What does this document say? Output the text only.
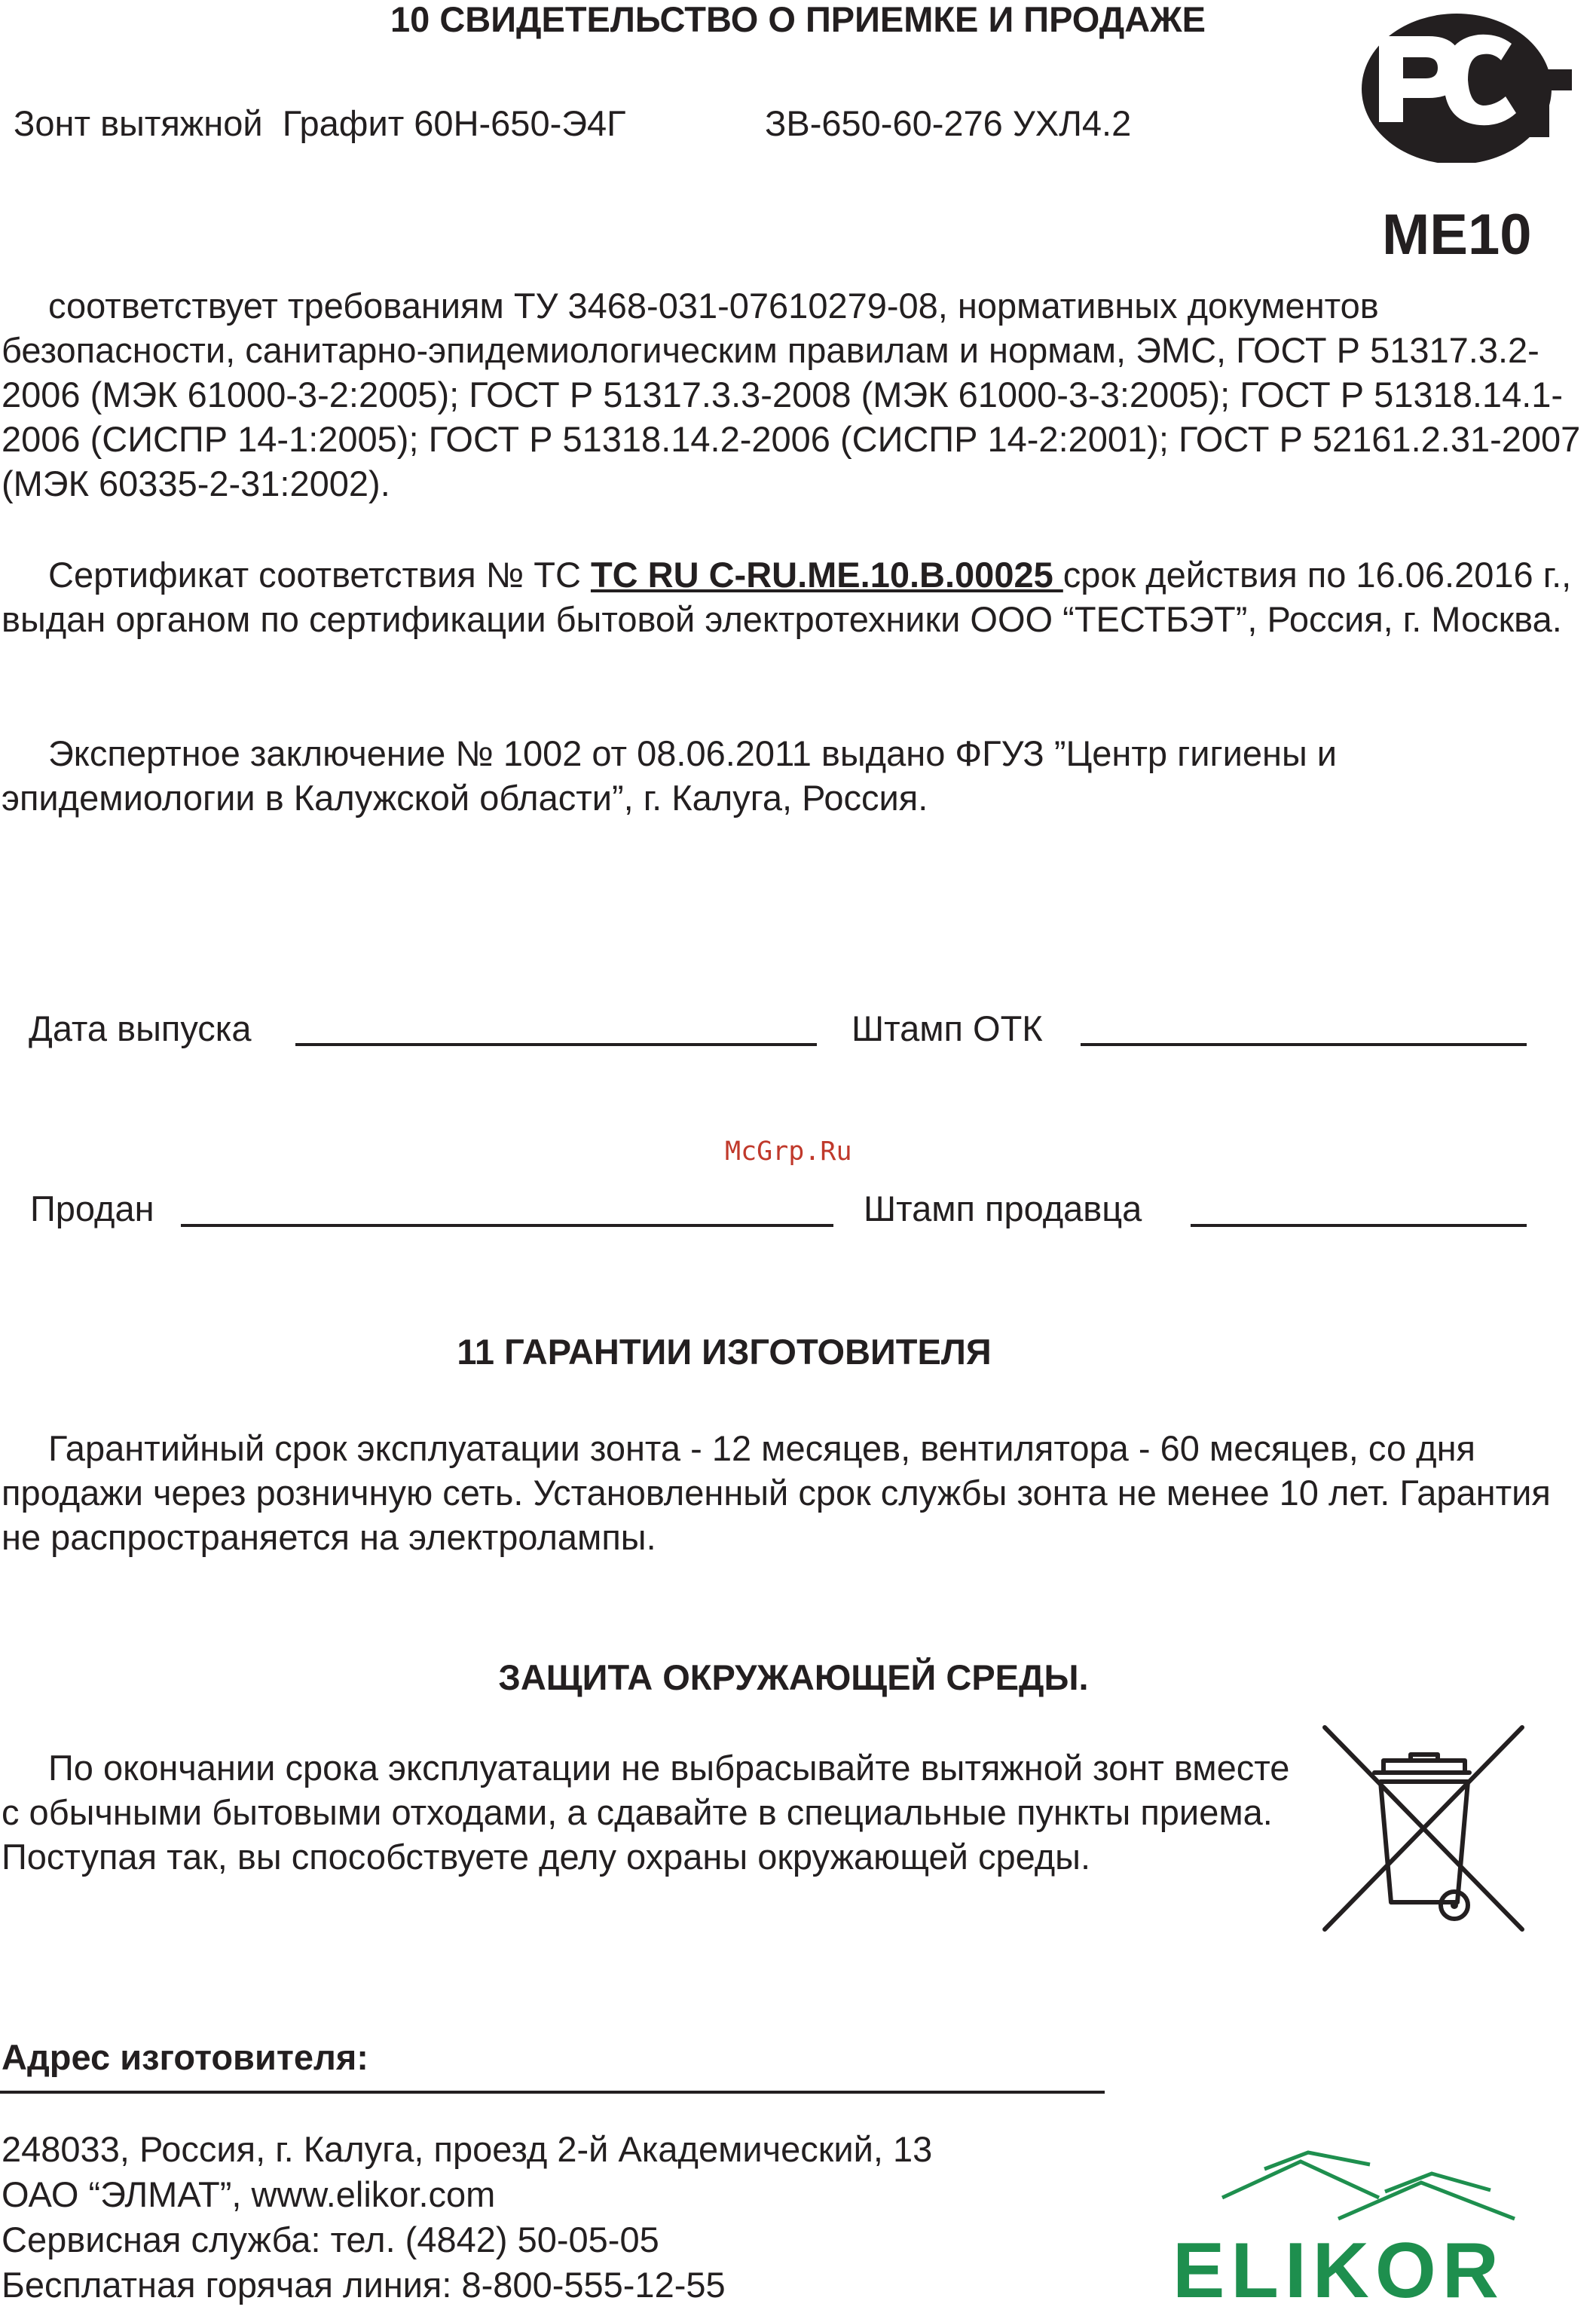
10 СВИДЕТЕЛЬСТВО О ПРИЕМКЕ И ПРОДАЖЕ
Зонт вытяжной  Графит 60Н-650-Э4Г	ЗВ-650-60-276 УХЛ4.2
ME10
соответствует требованиям ТУ 3468-031-07610279-08, нормативных документов безопасности, санитарно-эпидемиологическим правилам и нормам, ЭМС, ГОСТ Р 51317.3.2-2006 (МЭК 61000-3-2:2005); ГОСТ Р 51317.3.3-2008 (МЭК 61000-3-3:2005); ГОСТ Р 51318.14.1-2006 (СИСПР 14-1:2005); ГОСТ Р 51318.14.2-2006 (СИСПР 14-2:2001); ГОСТ Р 52161.2.31-2007 (МЭК 60335-2-31:2002).
Сертификат соответствия № ТС ТС RU C-RU.ME.10.B.00025 срок действия по 16.06.2016 г., выдан органом по сертификации бытовой электротехники ООО “ТЕСТБЭТ”, Россия, г. Москва.
Экспертное заключение № 1002 от 08.06.2011 выдано ФГУЗ ”Центр гигиены и эпидемиологии в Калужской области”, г. Калуга, Россия.
Дата выпуска	Штамп ОТК
McGrp.Ru
Продан	Штамп продавца
11 ГАРАНТИИ ИЗГОТОВИТЕЛЯ
Гарантийный срок эксплуатации зонта - 12 месяцев, вентилятора - 60 месяцев, со дня продажи через розничную сеть. Установленный срок службы зонта не менее 10 лет. Гарантия не распространяется на электролампы.
ЗАЩИТА ОКРУЖАЮЩЕЙ СРЕДЫ.
По окончании срока эксплуатации не выбрасывайте вытяжной зонт вместе с обычными бытовыми отходами, а сдавайте в специальные пункты приема. Поступая так, вы способствуете делу охраны окружающей среды.
Адрес изготовителя:
248033, Россия, г. Калуга, проезд 2-й Академический, 13
ОАО “ЭЛМАТ”, www.elikor.com
Сервисная служба: тел. (4842) 50-05-05
Бесплатная горячая линия: 8-800-555-12-55	ELIKOR
